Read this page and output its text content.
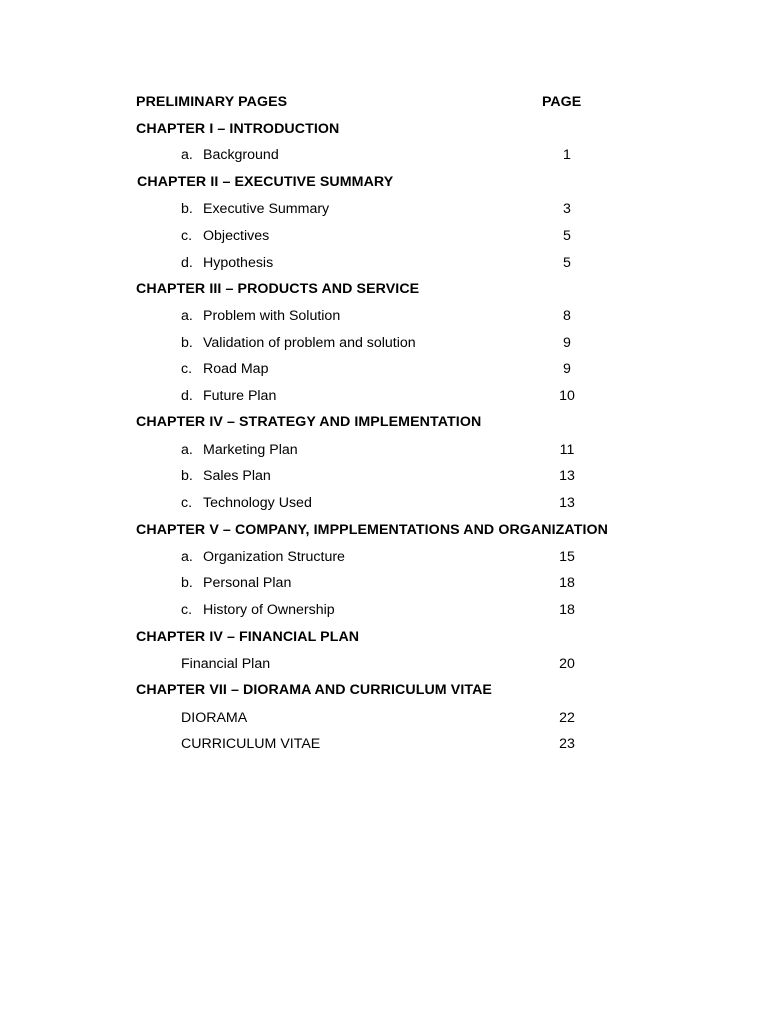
PRELIMINARY PAGES	PAGE
CHAPTER I – INTRODUCTION
a. Background	1
CHAPTER II – EXECUTIVE SUMMARY
b. Executive Summary	3
c. Objectives	5
d. Hypothesis	5
CHAPTER III – PRODUCTS AND SERVICE
a. Problem with Solution	8
b. Validation of problem and solution	9
c. Road Map	9
d. Future Plan	10
CHAPTER IV – STRATEGY AND IMPLEMENTATION
a. Marketing Plan	11
b. Sales Plan	13
c. Technology Used	13
CHAPTER V – COMPANY, IMPPLEMENTATIONS AND ORGANIZATION
a. Organization Structure	15
b. Personal Plan	18
c. History of Ownership	18
CHAPTER IV – FINANCIAL PLAN
Financial Plan	20
CHAPTER VII – DIORAMA AND CURRICULUM VITAE
DIORAMA	22
CURRICULUM VITAE	23
